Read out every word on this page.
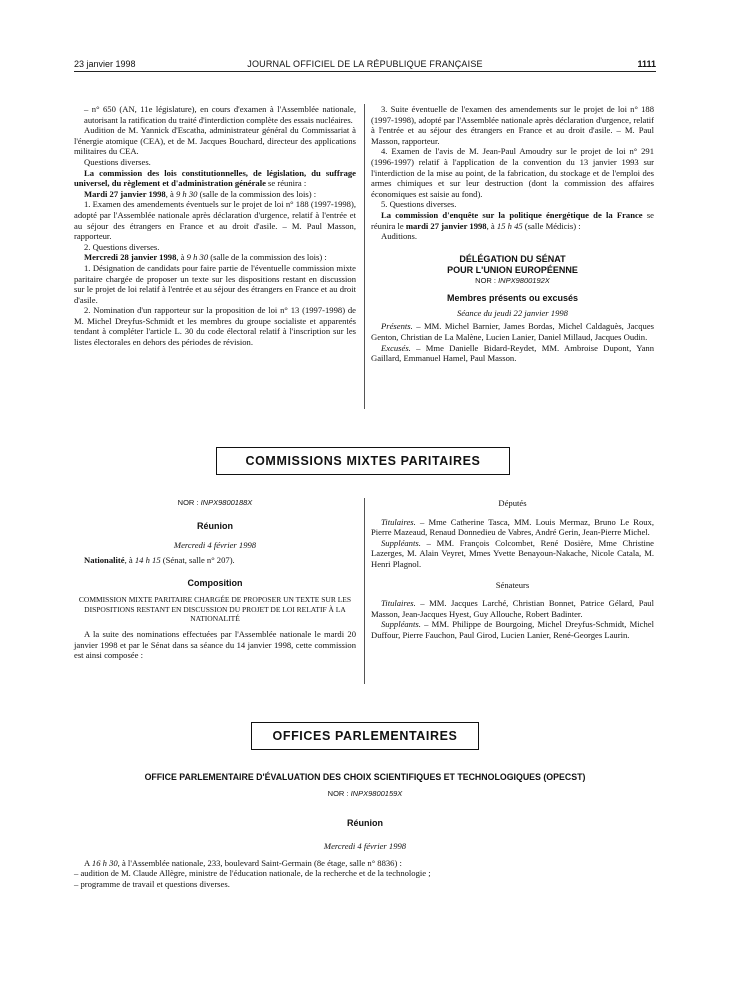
23 janvier 1998	JOURNAL OFFICIEL DE LA RÉPUBLIQUE FRANÇAISE	1111

– n° 650 (AN, 11e législature), en cours d'examen à l'Assemblée nationale, autorisant la ratification du traité d'interdiction complète des essais nucléaires.

Audition de M. Yannick d'Escatha, administrateur général du Commissariat à l'énergie atomique (CEA), et de M. Jacques Bouchard, directeur des applications militaires du CEA.

Questions diverses.

La commission des lois constitutionnelles, de législation, du suffrage universel, du règlement et d'administration générale se réunira :

Mardi 27 janvier 1998, à 9 h 30 (salle de la commission des lois) :

1. Examen des amendements éventuels sur le projet de loi n° 188 (1997-1998), adopté par l'Assemblée nationale après déclaration d'urgence, relatif à l'entrée et au séjour des étrangers en France et au droit d'asile. – M. Paul Masson, rapporteur.

2. Questions diverses.

Mercredi 28 janvier 1998, à 9 h 30 (salle de la commission des lois) :

1. Désignation de candidats pour faire partie de l'éventuelle commission mixte paritaire chargée de proposer un texte sur les dispositions restant en discussion sur le projet de loi relatif à l'entrée et au séjour des étrangers en France et au droit d'asile.

2. Nomination d'un rapporteur sur la proposition de loi n° 13 (1997-1998) de M. Michel Dreyfus-Schmidt et les membres du groupe socialiste et apparentés tendant à compléter l'article L. 30 du code électoral relatif à l'inscription sur les listes électorales en dehors des périodes de révision.

3. Suite éventuelle de l'examen des amendements sur le projet de loi n° 188 (1997-1998), adopté par l'Assemblée nationale après déclaration d'urgence, relatif à l'entrée et au séjour des étrangers en France et au droit d'asile. – M. Paul Masson, rapporteur.

4. Examen de l'avis de M. Jean-Paul Amoudry sur le projet de loi n° 291 (1996-1997) relatif à l'application de la convention du 13 janvier 1993 sur l'interdiction de la mise au point, de la fabrication, du stockage et de l'emploi des armes chimiques et sur leur destruction (dont la commission des affaires économiques est saisie au fond).

5. Questions diverses.

La commission d'enquête sur la politique énergétique de la France se réunira le mardi 27 janvier 1998, à 15 h 45 (salle Médicis) :

Auditions.

DÉLÉGATION DU SÉNAT
POUR L'UNION EUROPÉENNE
NOR : INPX9800192X
Membres présents ou excusés

Séance du jeudi 22 janvier 1998

Présents. – MM. Michel Barnier, James Bordas, Michel Caldaguès, Jacques Genton, Christian de La Malène, Lucien Lanier, Daniel Millaud, Jacques Oudin.

Excusés. – Mme Danielle Bidard-Reydet, MM. Ambroise Dupont, Yann Gaillard, Emmanuel Hamel, Paul Masson.

COMMISSIONS MIXTES PARITAIRES
NOR : INPX9800188X
Réunion

Mercredi 4 février 1998

Nationalité, à 14 h 15 (Sénat, salle n° 207).

Composition

COMMISSION MIXTE PARITAIRE CHARGÉE DE PROPOSER UN TEXTE SUR LES DISPOSITIONS RESTANT EN DISCUSSION DU PROJET DE LOI RELATIF À LA NATIONALITÉ

A la suite des nominations effectuées par l'Assemblée nationale le mardi 20 janvier 1998 et par le Sénat dans sa séance du 14 janvier 1998, cette commission est ainsi composée :

Députés

Titulaires. – Mme Catherine Tasca, MM. Louis Mermaz, Bruno Le Roux, Pierre Mazeaud, Renaud Donnedieu de Vabres, André Gerin, Jean-Pierre Michel.

Suppléants. – MM. François Colcombet, René Dosière, Mme Christine Lazerges, M. Alain Veyret, Mmes Yvette Benayoun-Nakache, Nicole Catala, M. Henri Plagnol.

Sénateurs

Titulaires. – MM. Jacques Larché, Christian Bonnet, Patrice Gélard, Paul Masson, Jean-Jacques Hyest, Guy Allouche, Robert Badinter.

Suppléants. – MM. Philippe de Bourgoing, Michel Dreyfus-Schmidt, Michel Duffour, Pierre Fauchon, Paul Girod, Lucien Lanier, René-Georges Laurin.

OFFICES PARLEMENTAIRES
OFFICE PARLEMENTAIRE D'ÉVALUATION DES CHOIX SCIENTIFIQUES ET TECHNOLOGIQUES (OPECST)
NOR : INPX9800159X
Réunion

Mercredi 4 février 1998

A 16 h 30, à l'Assemblée nationale, 233, boulevard Saint-Germain (8e étage, salle n° 8836) :

– audition de M. Claude Allègre, ministre de l'éducation nationale, de la recherche et de la technologie ;

– programme de travail et questions diverses.
